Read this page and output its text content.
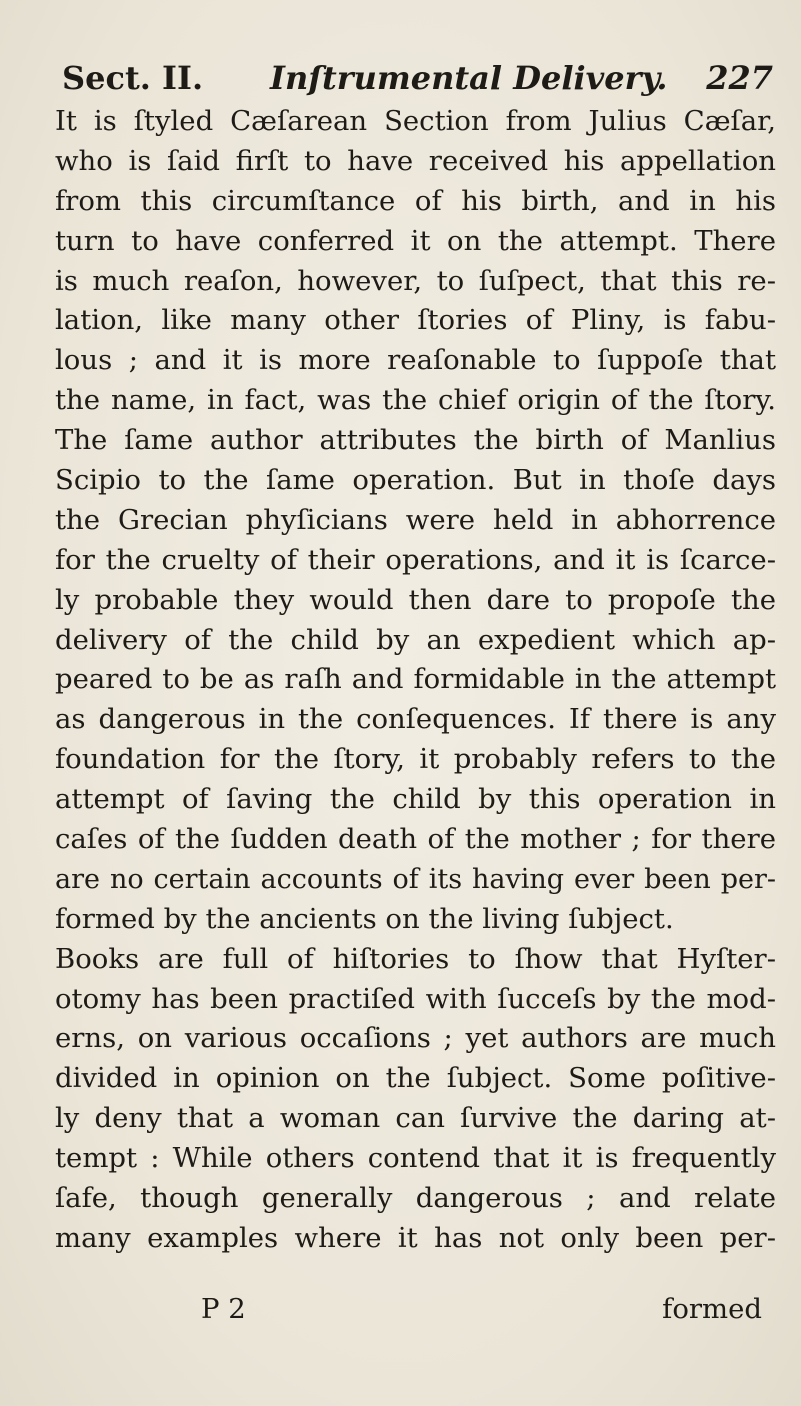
Sect. II. Inſtrumental Delivery. 227
It is ſtyled Cæſarean Section from Julius Cæſar,
who is ſaid firſt to have received his appellation
from this circumſtance of his birth, and in his
turn to have conferred it on the attempt. There
is much reaſon, however, to ſuſpect, that this re-
lation, like many other ſtories of Pliny, is fabu-
lous ; and it is more reaſonable to ſuppoſe that
the name, in fact, was the chief origin of the ſtory.
The ſame author attributes the birth of Manlius
Scipio to the ſame operation. But in thoſe days
the Grecian phyſicians were held in abhorrence
for the cruelty of their operations, and it is ſcarce-
ly probable they would then dare to propoſe the
delivery of the child by an expedient which ap-
peared to be as raſh and formidable in the attempt
as dangerous in the conſequences. If there is any
foundation for the ſtory, it probably refers to the
attempt of ſaving the child by this operation in
caſes of the ſudden death of the mother ; for there
are no certain accounts of its having ever been per-
formed by the ancients on the living ſubject.
Books are full of hiſtories to ſhow that Hyſter-
otomy has been practiſed with ſucceſs by the mod-
erns, on various occaſions ; yet authors are much
divided in opinion on the ſubject. Some poſitive-
ly deny that a woman can ſurvive the daring at-
tempt : While others contend that it is frequently
ſafe, though generally dangerous ; and relate
many examples where it has not only been per-
P 2	formed
